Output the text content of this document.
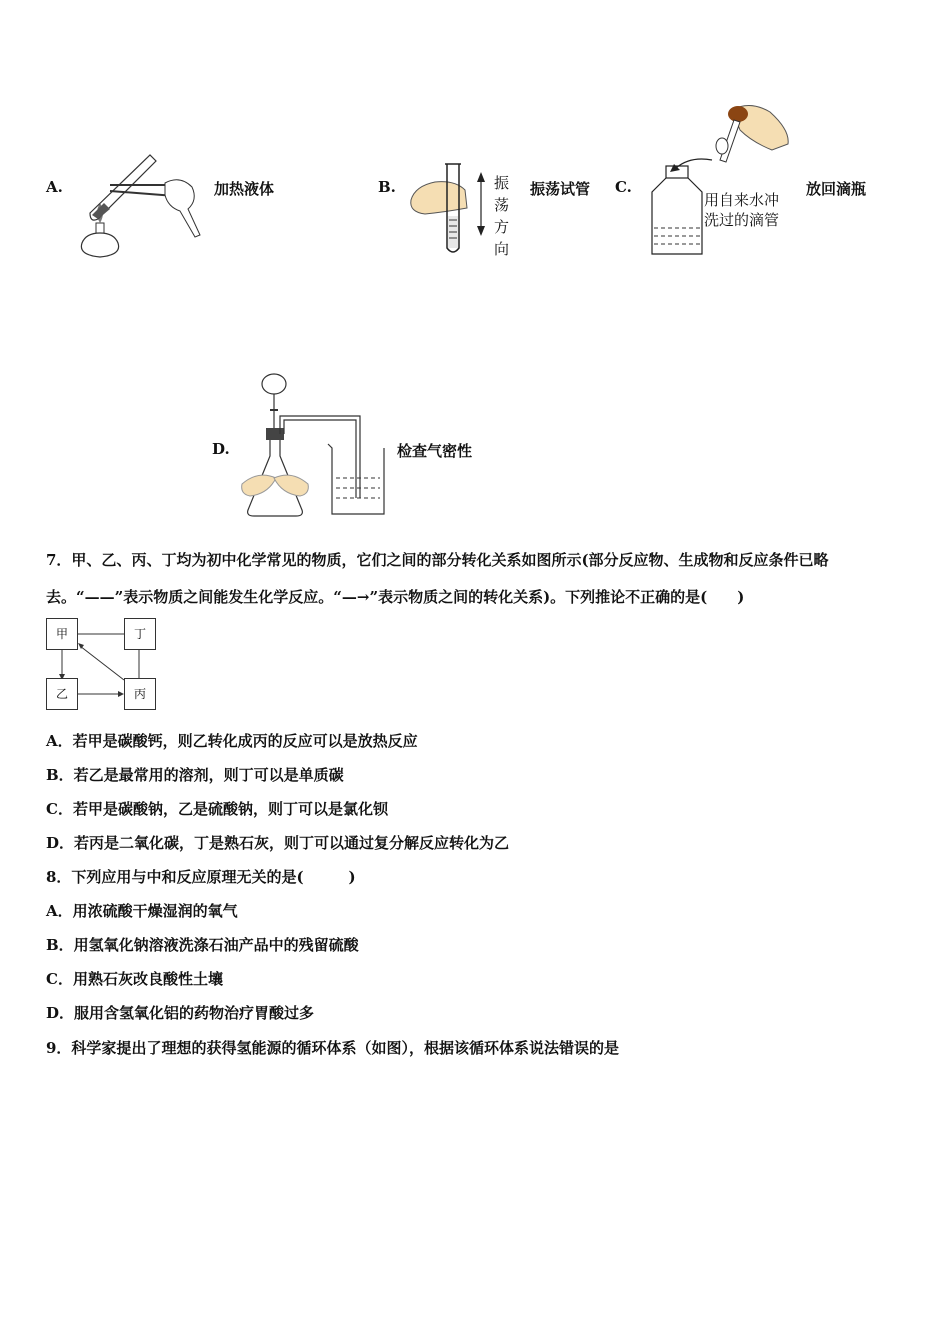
A.	加热液体	B.	振
荡
方
向
振荡试管 C.
用自来水冲
洗过的滴管
放回滴瓶
D.	检查气密性
7．甲、乙、丙、丁均为初中化学常见的物质，它们之间的部分转化关系如图所示(部分反应物、生成物和反应条件已略
去。“——”表示物质之间能发生化学反应。“—→”表示物质之间的转化关系)。下列推论不正确的是(　　)
甲	丁
乙	丙
A．若甲是碳酸钙，则乙转化成丙的反应可以是放热反应
B．若乙是最常用的溶剂，则丁可以是单质碳
C．若甲是碳酸钠，乙是硫酸钠，则丁可以是氯化钡
D．若丙是二氧化碳，丁是熟石灰，则丁可以通过复分解反应转化为乙
8．下列应用与中和反应原理无关的是(　　　)
A．用浓硫酸干燥湿润的氧气
B．用氢氧化钠溶液洗涤石油产品中的残留硫酸
C．用熟石灰改良酸性土壤
D．服用含氢氧化铝的药物治疗胃酸过多
9．科学家提出了理想的获得氢能源的循环体系（如图），根据该循环体系说法错误的是
